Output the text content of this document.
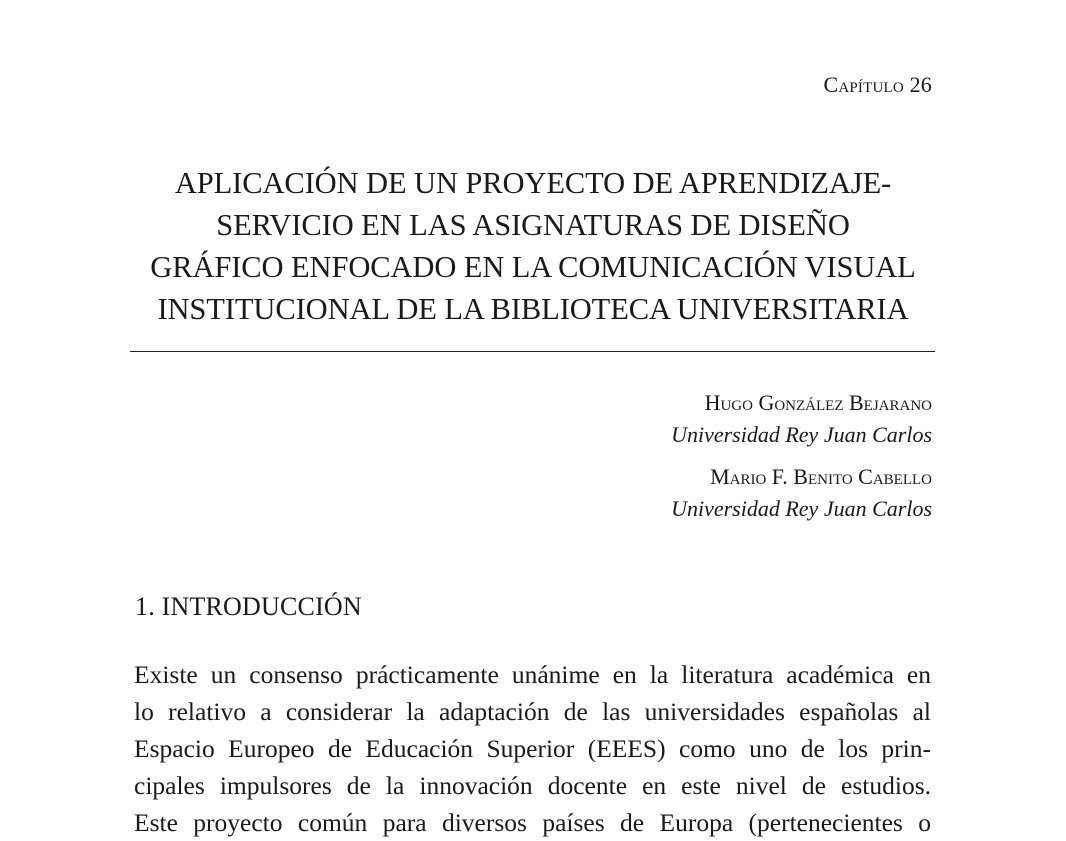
Capítulo 26
APLICACIÓN DE UN PROYECTO DE APRENDIZAJE-
SERVICIO EN LAS ASIGNATURAS DE DISEÑO
GRÁFICO ENFOCADO EN LA COMUNICACIÓN VISUAL
INSTITUCIONAL DE LA BIBLIOTECA UNIVERSITARIA
Hugo González Bejarano
Universidad Rey Juan Carlos
Mario F. Benito Cabello
Universidad Rey Juan Carlos
1. INTRODUCCIÓN
Existe un consenso prácticamente unánime en la literatura académica en
lo relativo a considerar la adaptación de las universidades españolas al
Espacio Europeo de Educación Superior (EEES) como uno de los prin-
cipales impulsores de la innovación docente en este nivel de estudios.
Este proyecto común para diversos países de Europa (pertenecientes o
